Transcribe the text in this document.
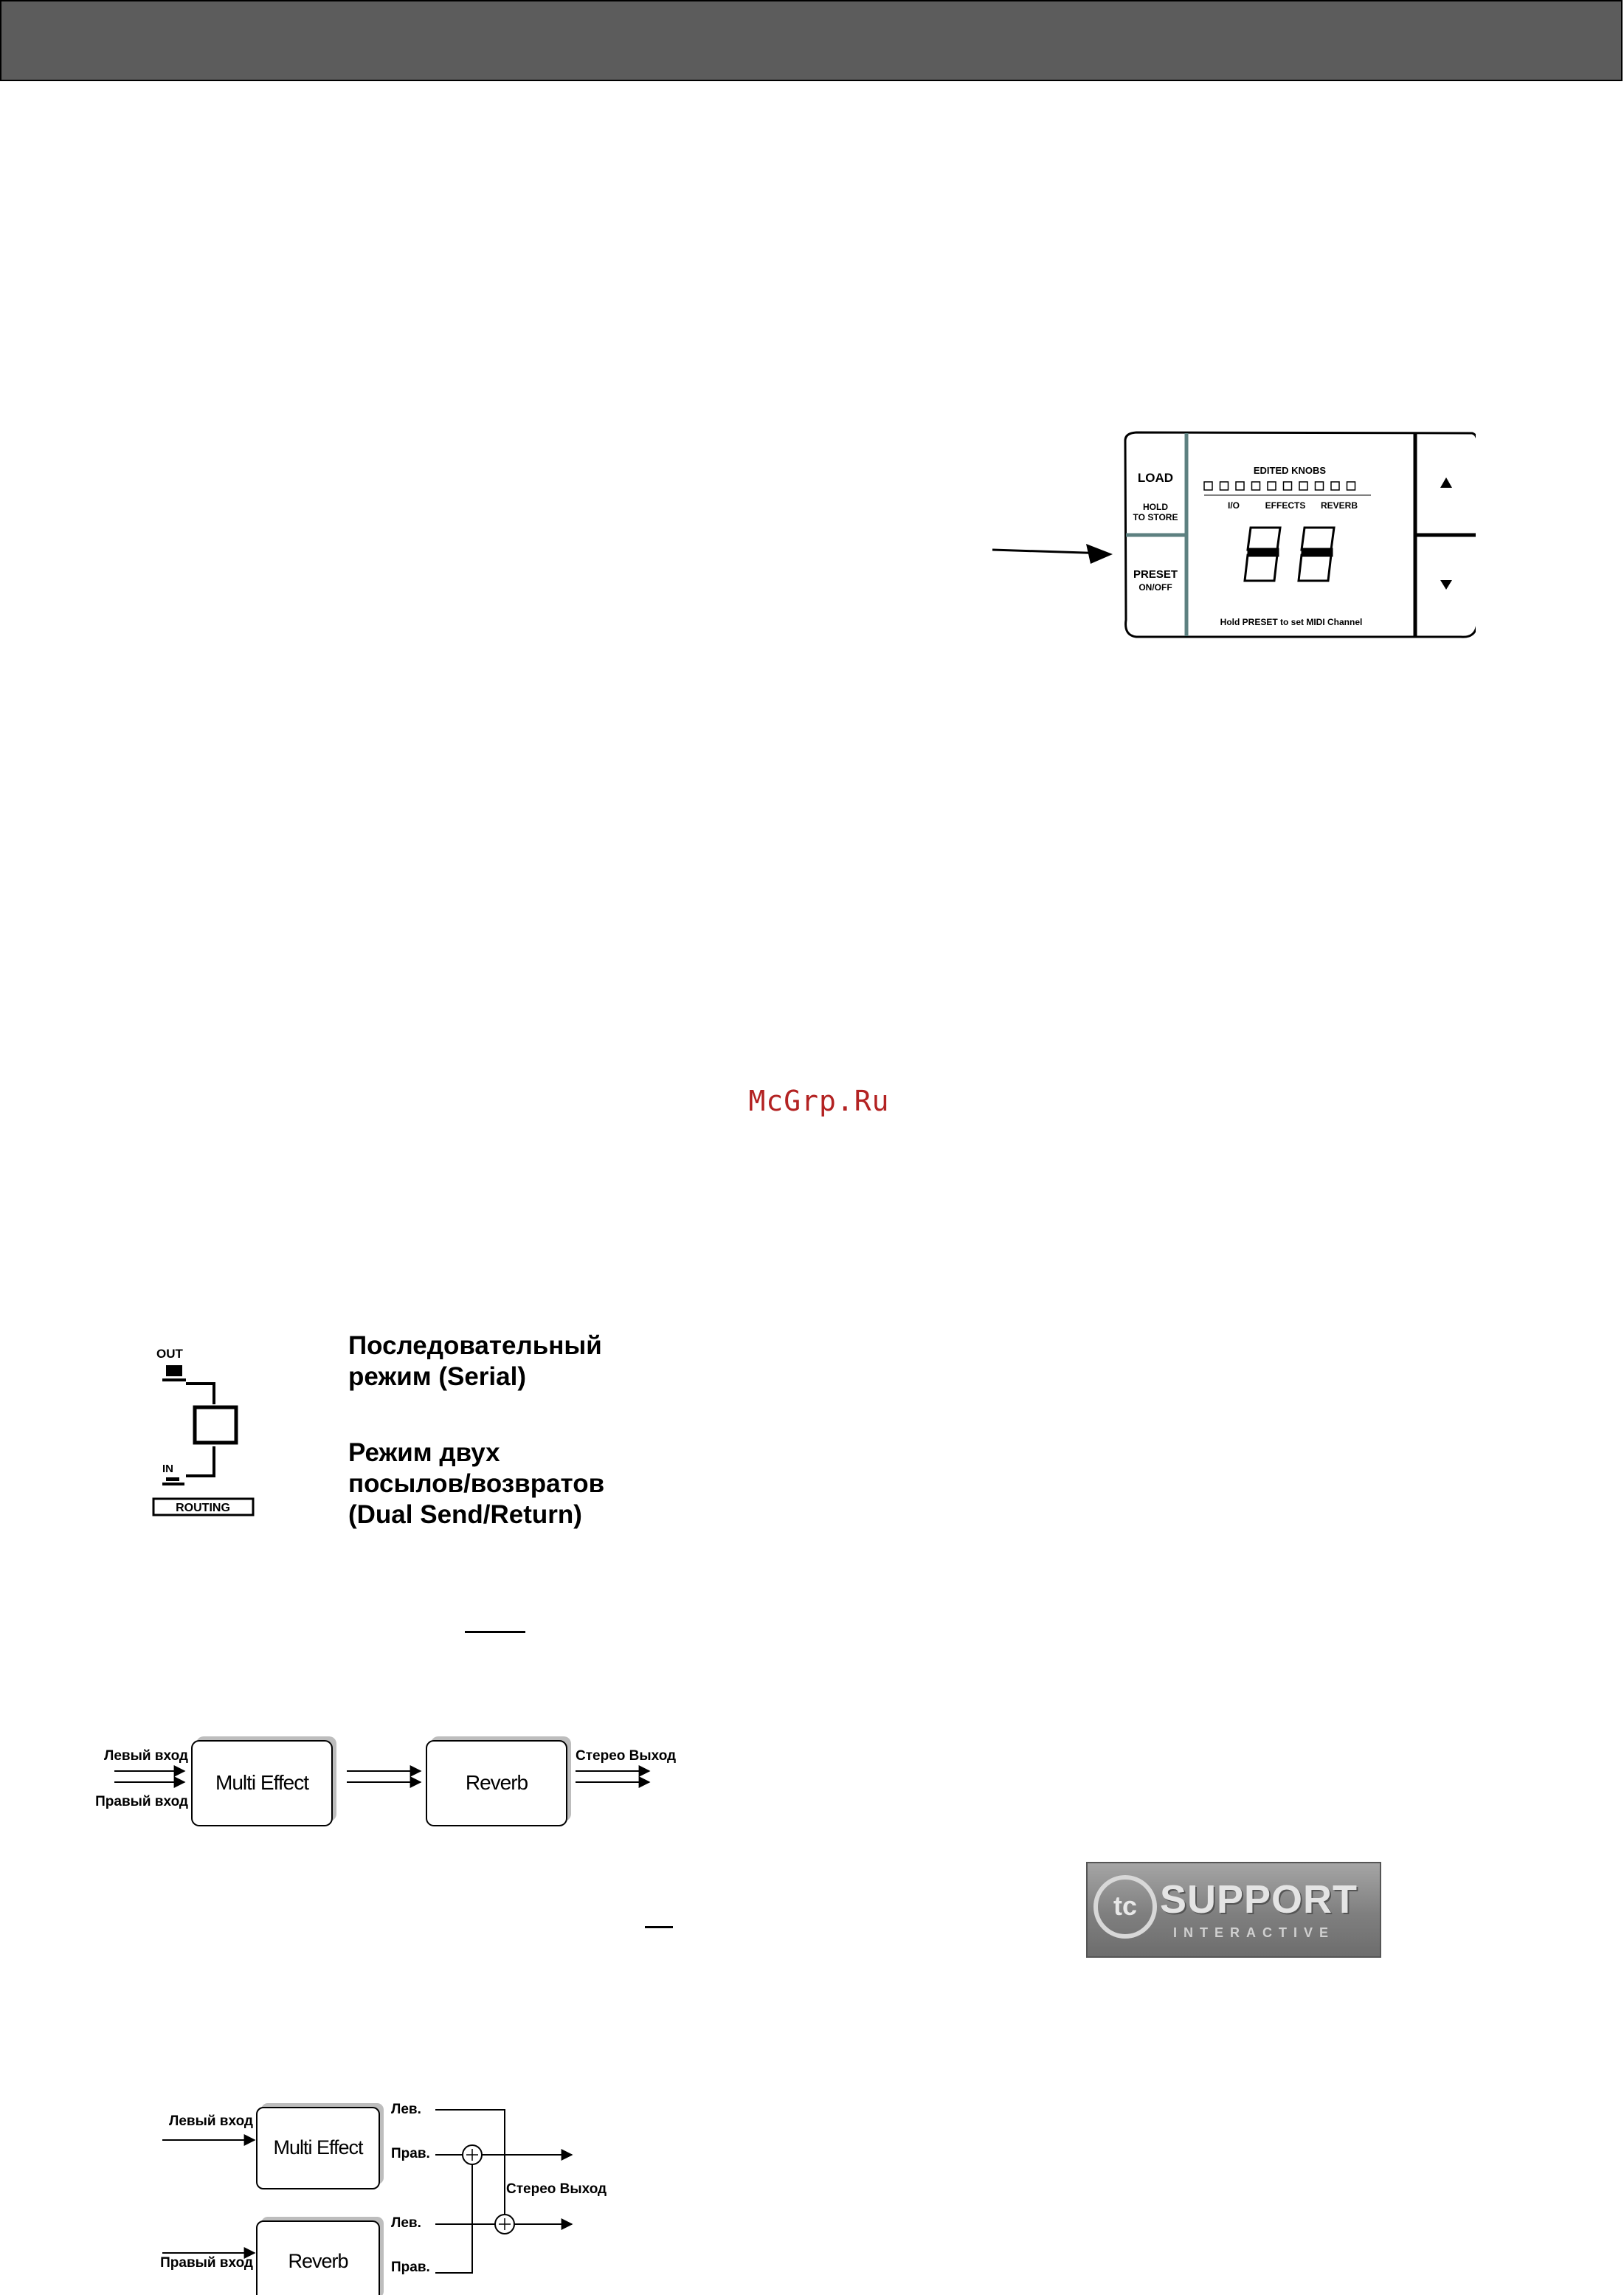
McGrp.Ru
LOAD
HOLD
TO STORE
PRESET
ON/OFF
EDITED KNOBS
I/O	EFFECTS REVERB
Hold PRESET to set MIDI Channel
OUT
IN
ROUTING
Последовательный
режим (Serial)
Режим двух
посылов/возвратов
(Dual Send/Return)
Левый вход
Правый вход
Multi Effect	Reverb
Стерео Выход
Левый вход
Multi Effect
Правый вход Reverb
Лев.
Прав.
Лев.
Прав.
Стерео Выход
tc SUPPORT
INTERACTIVE
